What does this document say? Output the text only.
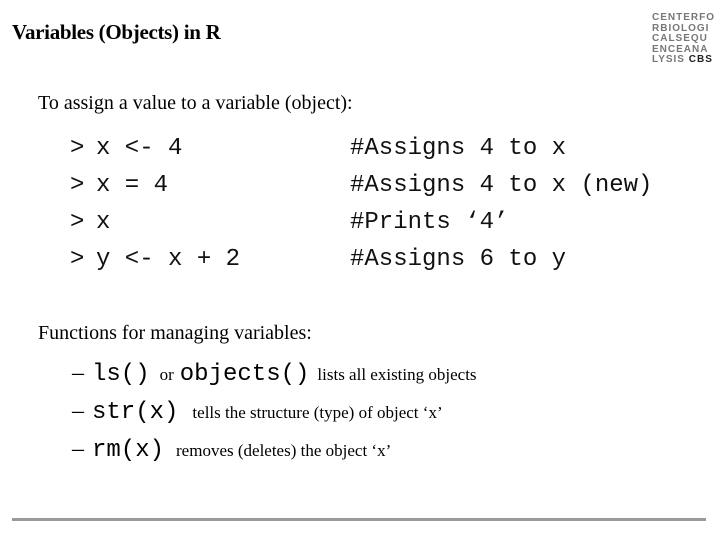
Variables (Objects) in R
CENTERFO
RBIOLOGI
CALSEQU
ENCEANA
LYSIS CBS
To assign a value to a variable (object):
> x <- 4	#Assigns 4 to x
> x = 4	#Assigns 4 to x (new)
> x	#Prints ‘4’
> y <- x + 2	#Assigns 6 to y
Functions for managing variables:
– ls() or objects() lists all existing objects
– str(x) tells the structure (type) of object ‘x’
– rm(x) removes (deletes) the object ‘x’
